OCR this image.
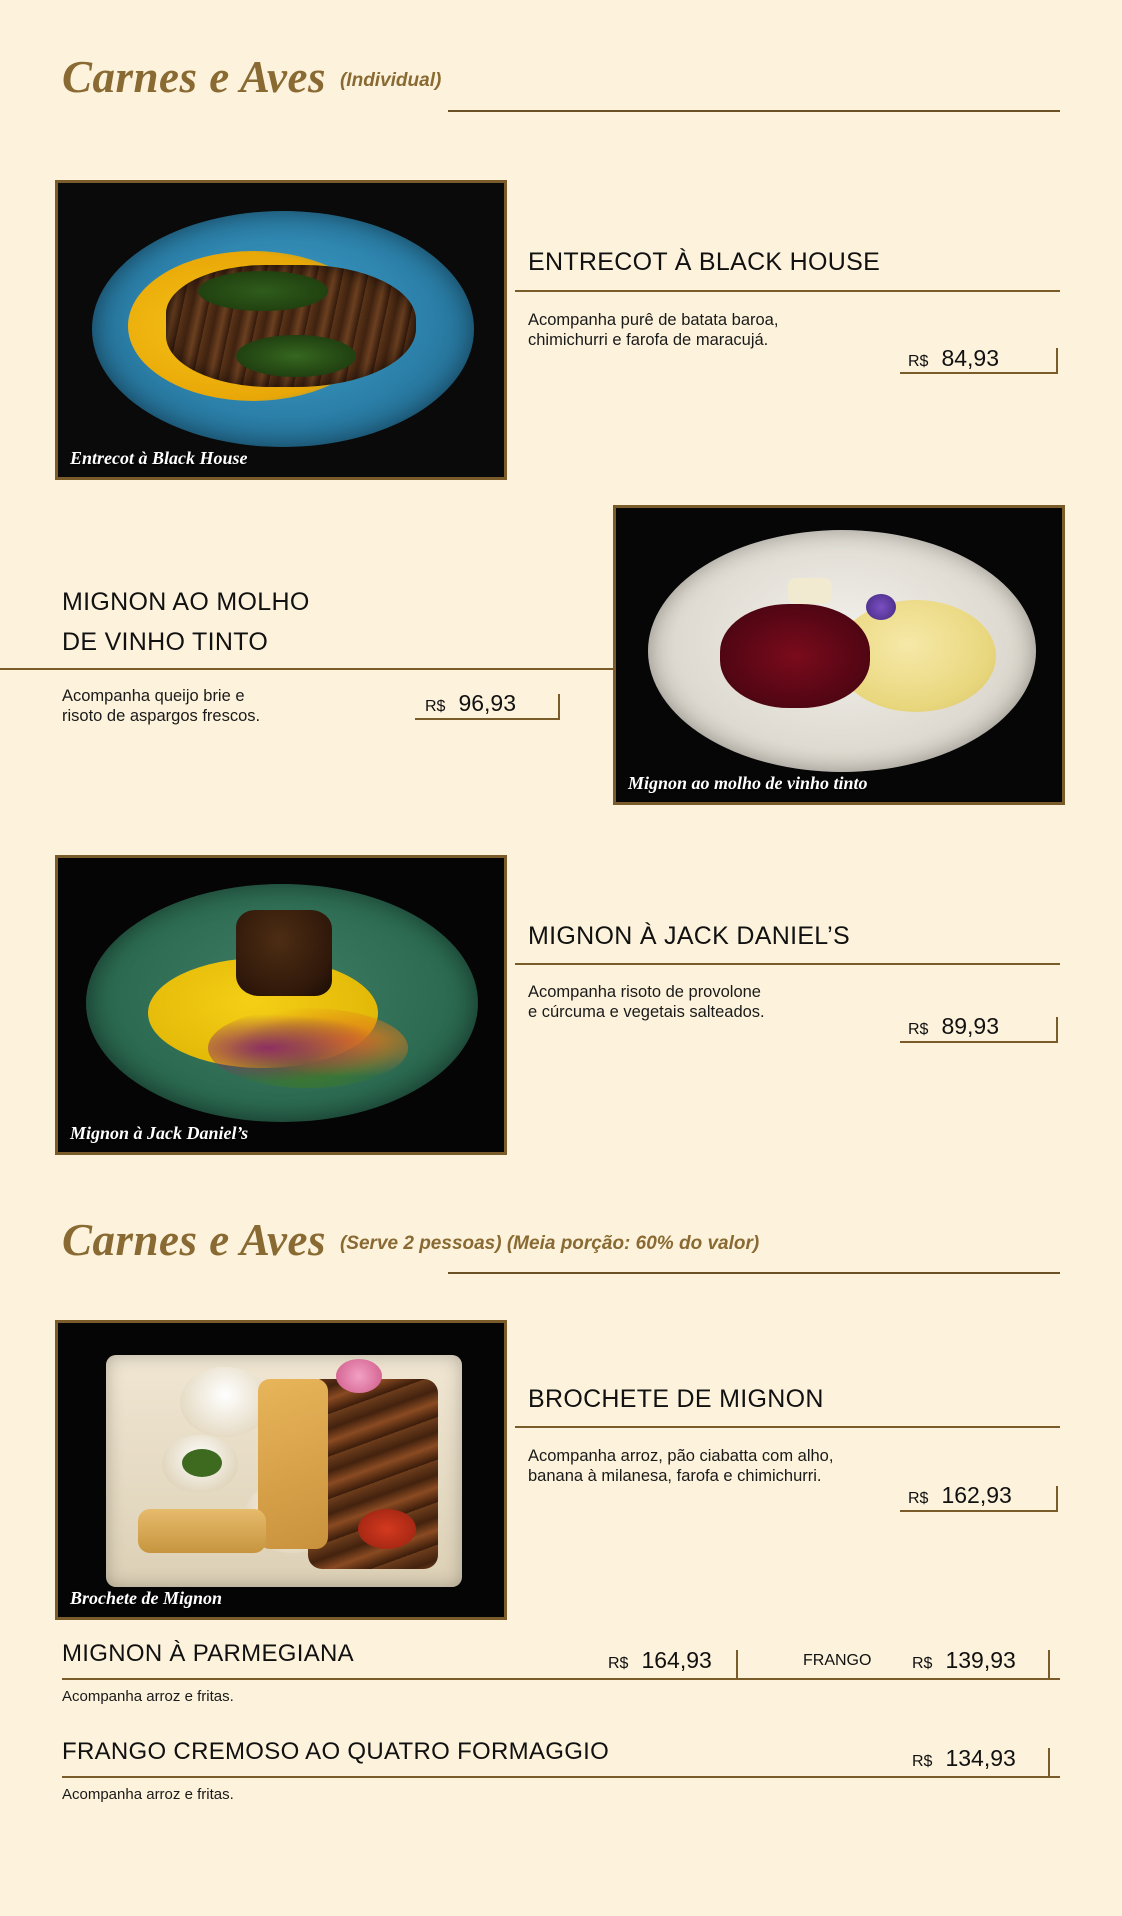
Carnes e Aves (Individual)
Entrecot à Black House
ENTRECOT À BLACK HOUSE
Acompanha purê de batata baroa,
chimichurri e farofa de maracujá.
R$ 84,93
Mignon ao molho de vinho tinto
MIGNON AO MOLHO
DE VINHO TINTO
Acompanha queijo brie e
risoto de aspargos frescos.
R$ 96,93
Mignon à Jack Daniel’s
MIGNON À JACK DANIEL’S
Acompanha risoto de provolone
e cúrcuma e vegetais salteados.
R$ 89,93
Carnes e Aves (Serve 2 pessoas) (Meia porção: 60% do valor)
Brochete de Mignon
BROCHETE DE MIGNON
Acompanha arroz, pão ciabatta com alho,
banana à milanesa, farofa e chimichurri.
R$ 162,93
MIGNON À PARMEGIANA
Acompanha arroz e fritas.
R$ 164,93	FRANGO	R$ 139,93
FRANGO CREMOSO AO QUATRO FORMAGGIO
Acompanha arroz e fritas.
R$ 134,93
